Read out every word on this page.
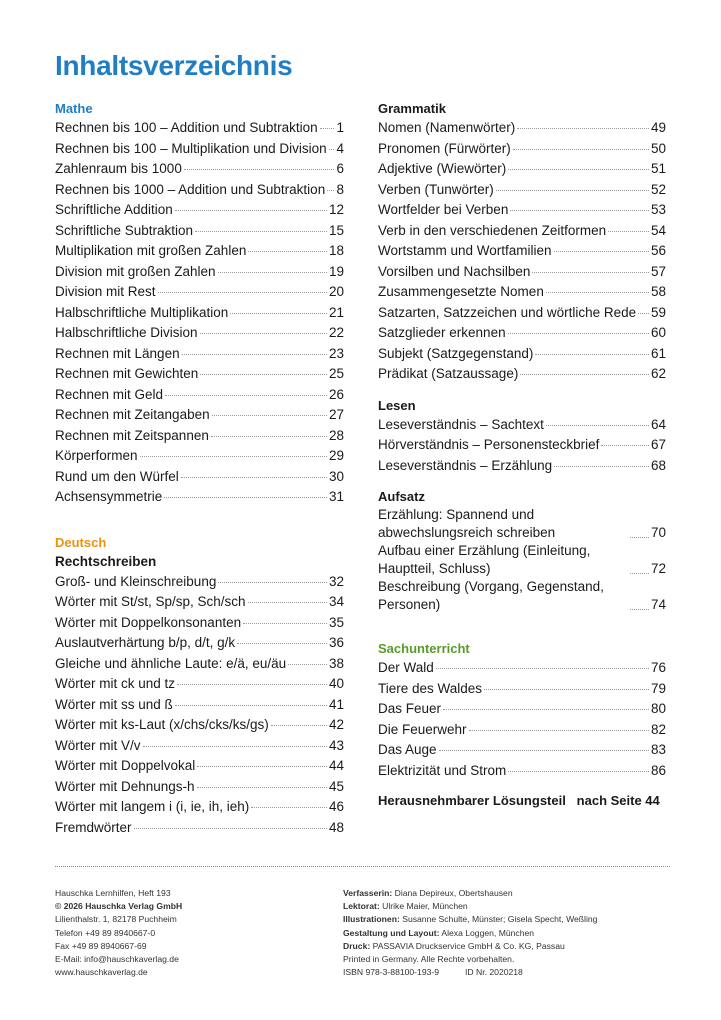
Inhaltsverzeichnis
Mathe
Rechnen bis 100 – Addition und Subtraktion 1
Rechnen bis 100 – Multiplikation und Division 4
Zahlenraum bis 1000	6
Rechnen bis 1000 – Addition und Subtraktion 8
Schriftliche Addition	12
Schriftliche Subtraktion	15
Multiplikation mit großen Zahlen	18
Division mit großen Zahlen	19
Division mit Rest	20
Halbschriftliche Multiplikation	21
Halbschriftliche Division	22
Rechnen mit Längen	23
Rechnen mit Gewichten	25
Rechnen mit Geld	26
Rechnen mit Zeitangaben	27
Rechnen mit Zeitspannen	28
Körperformen	29
Rund um den Würfel	30
Achsensymmetrie	31
Deutsch
Rechtschreiben
Groß- und Kleinschreibung	32
Wörter mit St/st, Sp/sp, Sch/sch	34
Wörter mit Doppelkonsonanten	35
Auslautverhärtung b/p, d/t, g/k	36
Gleiche und ähnliche Laute: e/ä, eu/äu	38
Wörter mit ck und tz	40
Wörter mit ss und ß	41
Wörter mit ks-Laut (x/chs/cks/ks/gs)	42
Wörter mit V/v	43
Wörter mit Doppelvokal	44
Wörter mit Dehnungs-h	45
Wörter mit langem i (i, ie, ih, ieh)	46
Fremdwörter	48
Grammatik
Nomen (Namenwörter)	49
Pronomen (Fürwörter)	50
Adjektive (Wiewörter)	51
Verben (Tunwörter)	52
Wortfelder bei Verben	53
Verb in den verschiedenen Zeitformen	54
Wortstamm und Wortfamilien	56
Vorsilben und Nachsilben	57
Zusammengesetzte Nomen	58
Satzarten, Satzzeichen und wörtliche Rede 59
Satzglieder erkennen	60
Subjekt (Satzgegenstand)	61
Prädikat (Satzaussage)	62
Lesen
Leseverständnis – Sachtext	64
Hörverständnis – Personensteckbrief	67
Leseverständnis – Erzählung	68
Aufsatz
Erzählung: Spannend und abwechslungsreich schreiben	70
Aufbau einer Erzählung (Einleitung, Hauptteil, Schluss)	72
Beschreibung (Vorgang, Gegenstand, Personen)	74
Sachunterricht
Der Wald	76
Tiere des Waldes	79
Das Feuer	80
Die Feuerwehr	82
Das Auge	83
Elektrizität und Strom	86
Herausnehmbarer Lösungsteil   nach Seite 44
Hauschka Lernhilfen, Heft 193
© 2026 Hauschka Verlag GmbH
Lilienthalstr. 1, 82178 Puchheim
Telefon +49 89 8940667-0
Fax +49 89 8940667-69
E-Mail: info@hauschkaverlag.de
www.hauschkaverlag.de
Verfasserin: Diana Depireux, Obertshausen
Lektorat: Ulrike Maier, München
Illustrationen: Susanne Schulte, Münster; Gisela Specht, Weßling
Gestaltung und Layout: Alexa Loggen, München
Druck: PASSAVIA Druckservice GmbH & Co. KG, Passau
Printed in Germany. Alle Rechte vorbehalten.
ISBN 978-3-88100-193-9	ID Nr. 2020218
